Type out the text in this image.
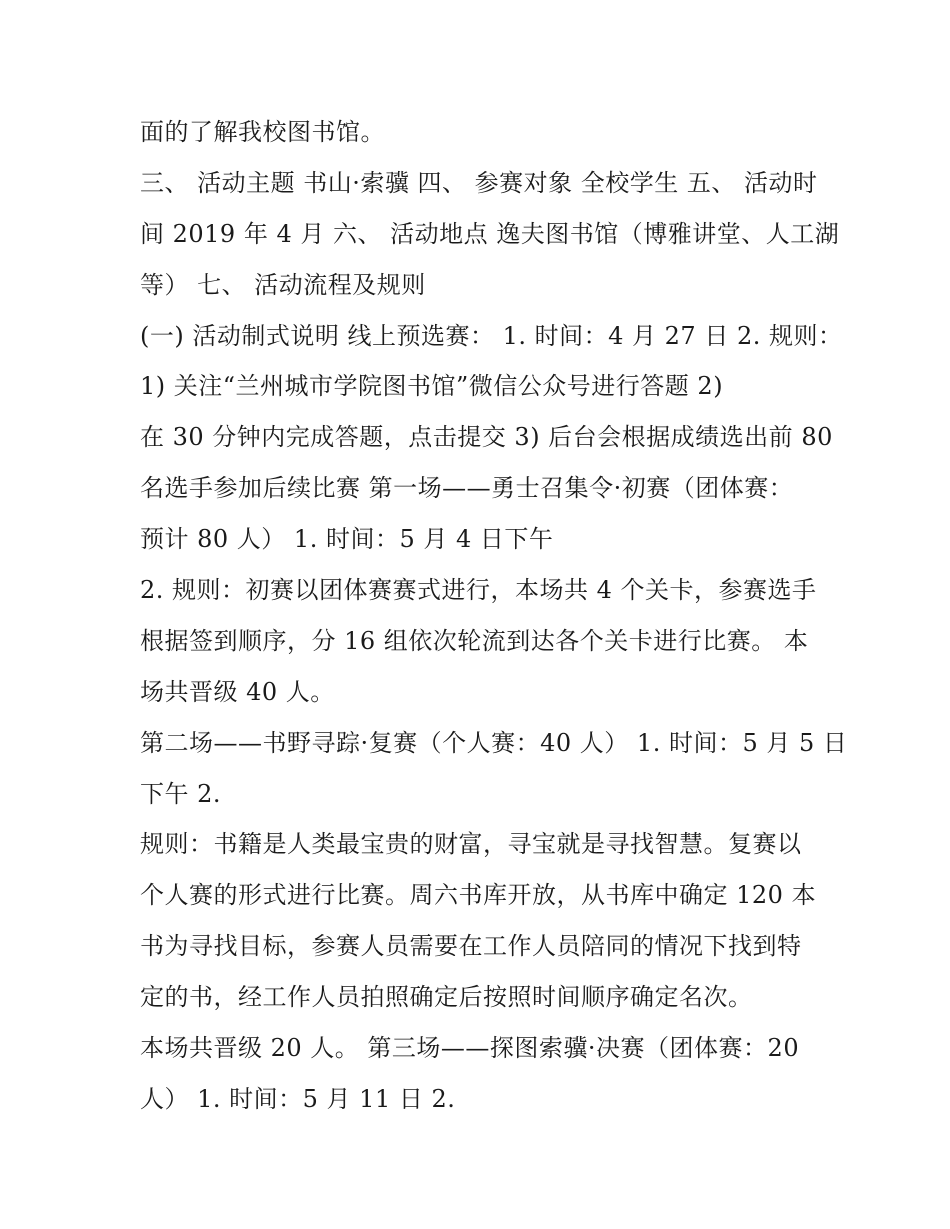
面的了解我校图书馆。
三、 活动主题 书山·索骥 四、 参赛对象 全校学生 五、 活动时
间 2019 年 4 月 六、 活动地点 逸夫图书馆（博雅讲堂、人工湖
等） 七、 活动流程及规则
(一) 活动制式说明 线上预选赛： 1. 时间：4 月 27 日 2. 规则：
1) 关注“兰州城市学院图书馆”微信公众号进行答题 2)
在 30 分钟内完成答题，点击提交 3) 后台会根据成绩选出前 80
名选手参加后续比赛 第一场——勇士召集令·初赛（团体赛：
预计 80 人） 1. 时间：5 月 4 日下午
2. 规则：初赛以团体赛赛式进行，本场共 4 个关卡，参赛选手
根据签到顺序，分 16 组依次轮流到达各个关卡进行比赛。 本
场共晋级 40 人。
第二场——书野寻踪·复赛（个人赛：40 人） 1. 时间：5 月 5 日
下午 2.
规则：书籍是人类最宝贵的财富，寻宝就是寻找智慧。复赛以
个人赛的形式进行比赛。周六书库开放，从书库中确定 120 本
书为寻找目标，参赛人员需要在工作人员陪同的情况下找到特
定的书，经工作人员拍照确定后按照时间顺序确定名次。
本场共晋级 20 人。 第三场——探图索骥·决赛（团体赛：20
人） 1. 时间：5 月 11 日 2.
